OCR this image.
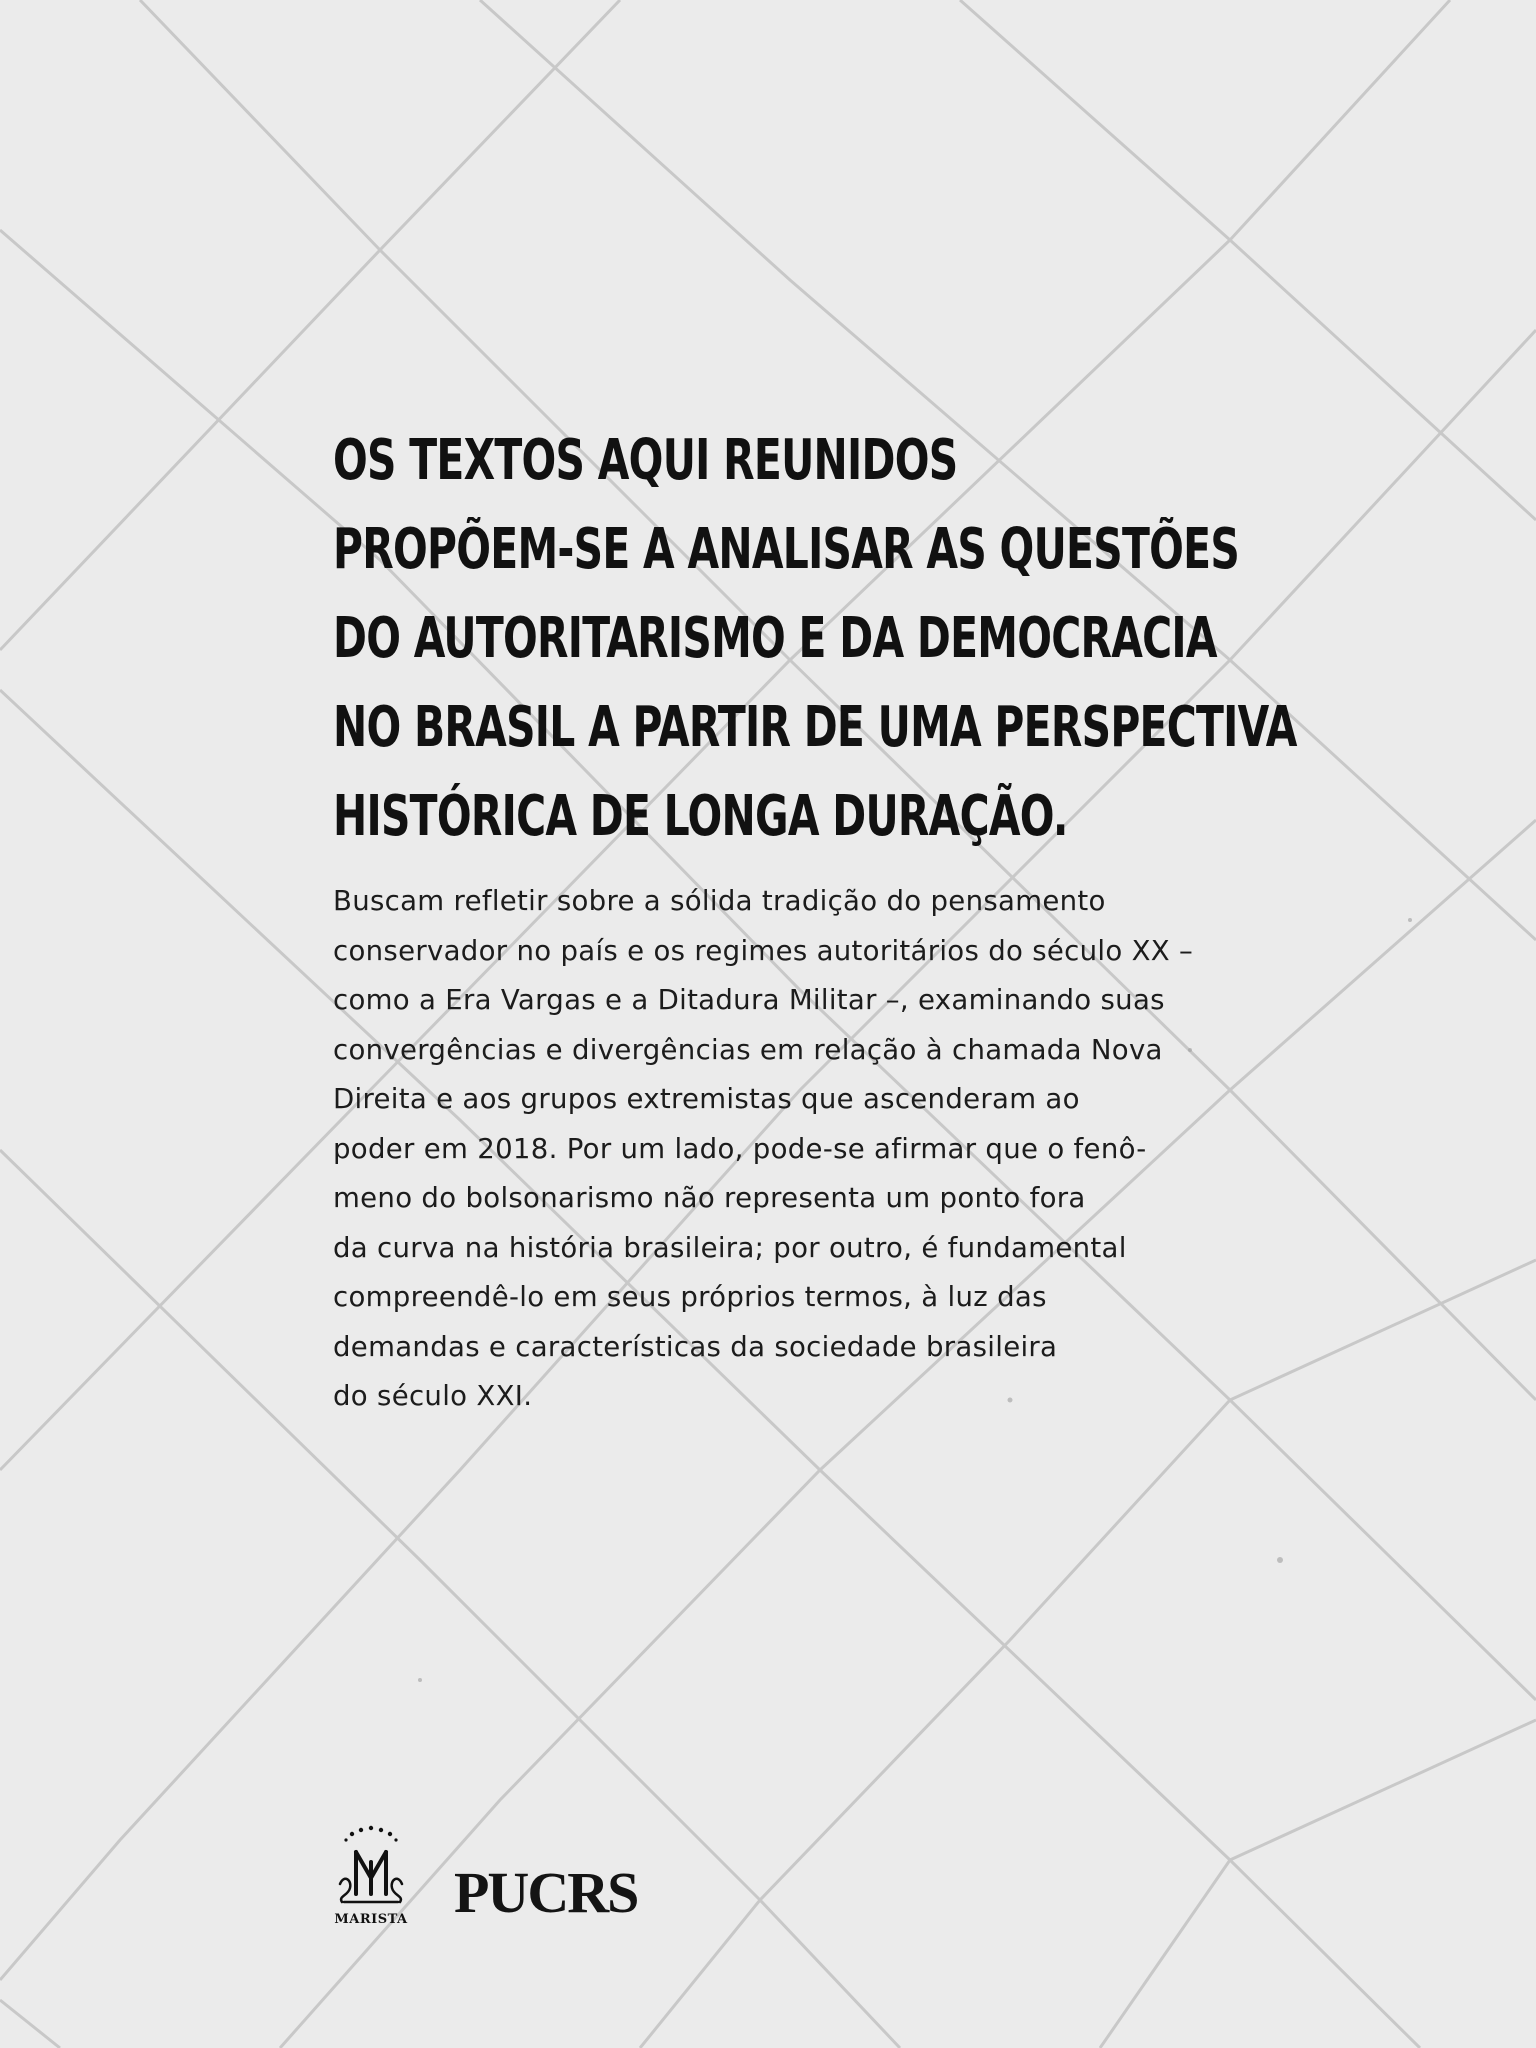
OS TEXTOS AQUI REUNIDOS
PROPÕEM-SE A ANALISAR AS QUESTÕES
DO AUTORITARISMO E DA DEMOCRACIA
NO BRASIL A PARTIR DE UMA PERSPECTIVA
HISTÓRICA DE LONGA DURAÇÃO.

Buscam refletir sobre a sólida tradição do pensamento
conservador no país e os regimes autoritários do século XX –
como a Era Vargas e a Ditadura Militar –, examinando suas
convergências e divergências em relação à chamada Nova
Direita e aos grupos extremistas que ascenderam ao
poder em 2018. Por um lado, pode-se afirmar que o fenô-
meno do bolsonarismo não representa um ponto fora
da curva na história brasileira; por outro, é fundamental
compreendê-lo em seus próprios termos, à luz das
demandas e características da sociedade brasileira
do século XXI.

MARISTA PUCRS
